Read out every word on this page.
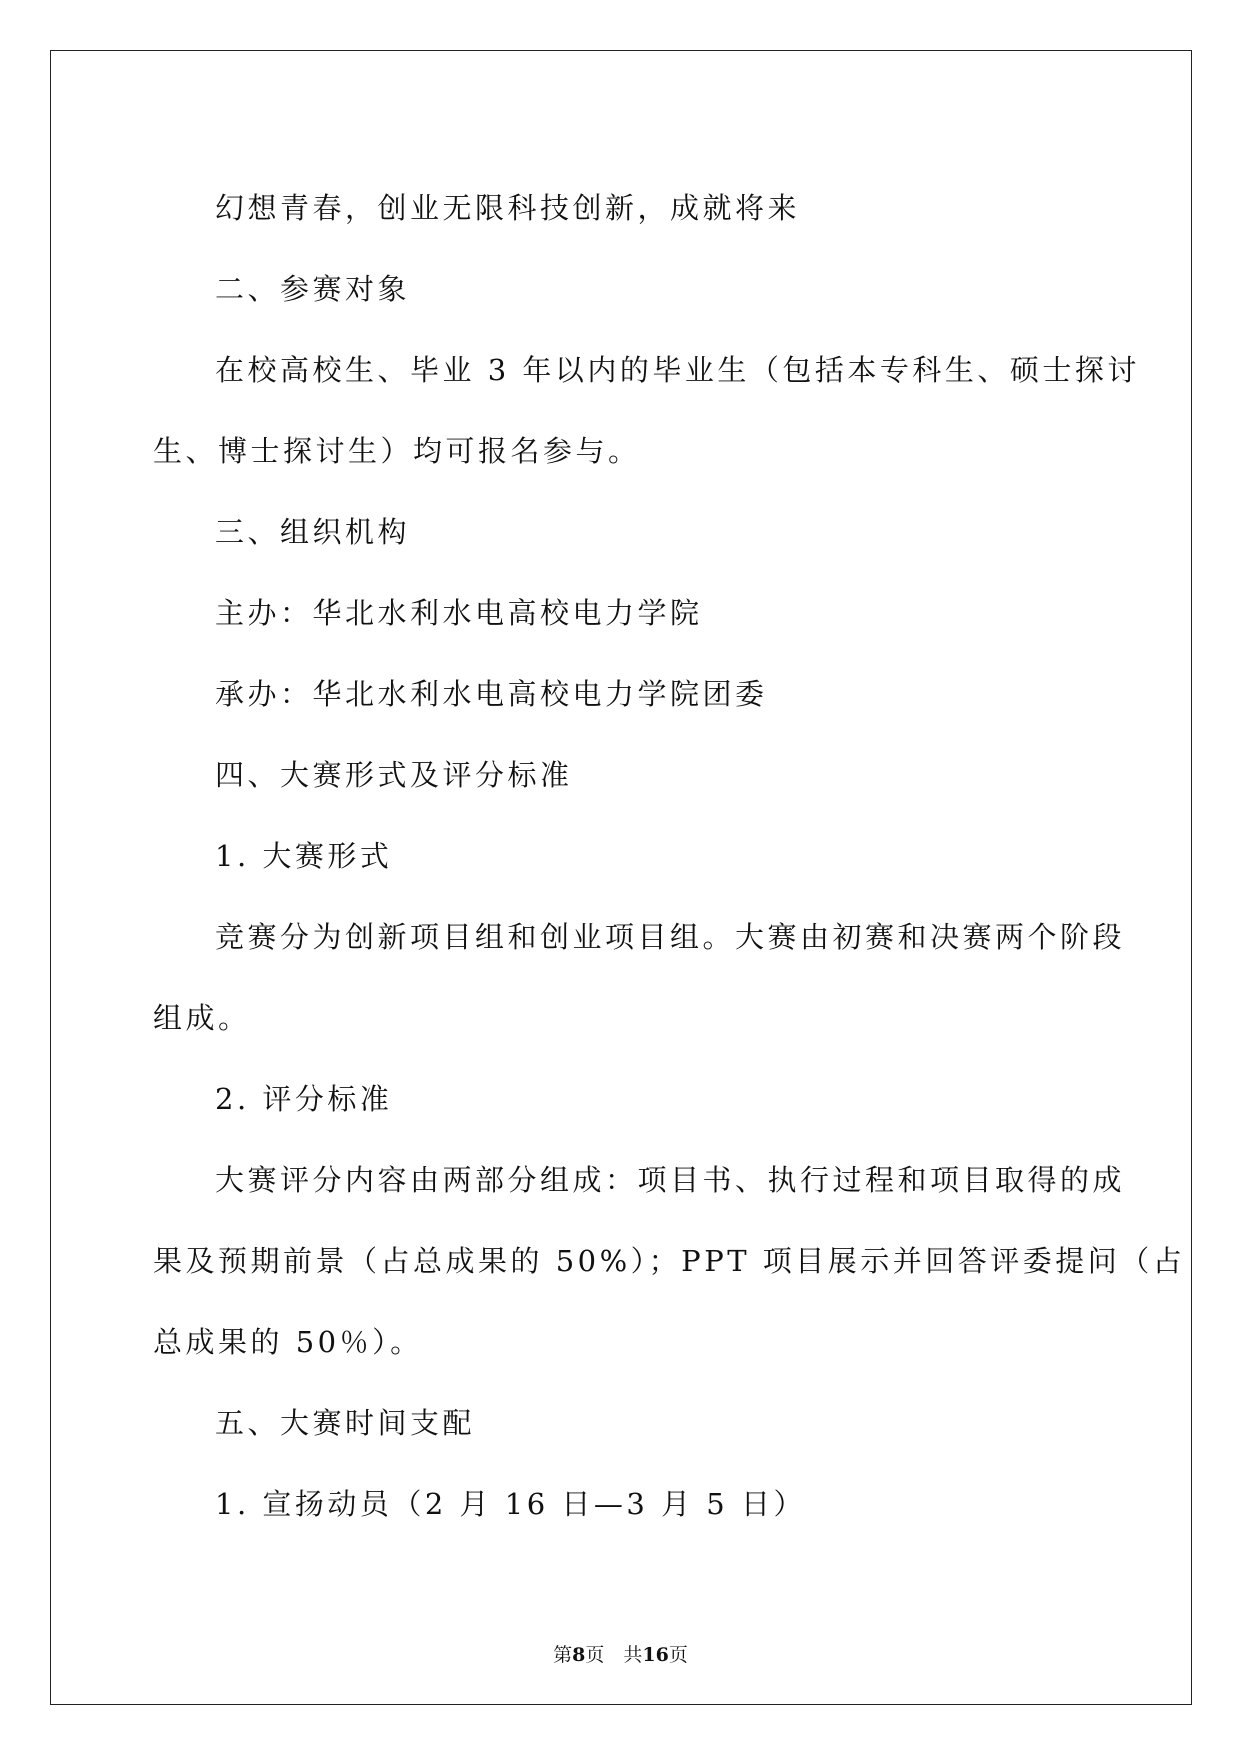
幻想青春，创业无限科技创新，成就将来

二、参赛对象

在校高校生、毕业 3 年以内的毕业生（包括本专科生、硕士探讨

生、博士探讨生）均可报名参与。

三、组织机构

主办：华北水利水电高校电力学院

承办：华北水利水电高校电力学院团委

四、大赛形式及评分标准

1. 大赛形式

竞赛分为创新项目组和创业项目组。大赛由初赛和决赛两个阶段

组成。

2. 评分标准

大赛评分内容由两部分组成：项目书、执行过程和项目取得的成

果及预期前景（占总成果的 50%）；PPT 项目展示并回答评委提问（占

总成果的 50％）。

五、大赛时间支配

1. 宣扬动员（2 月 16 日—3 月 5 日）

第8页　共16页
